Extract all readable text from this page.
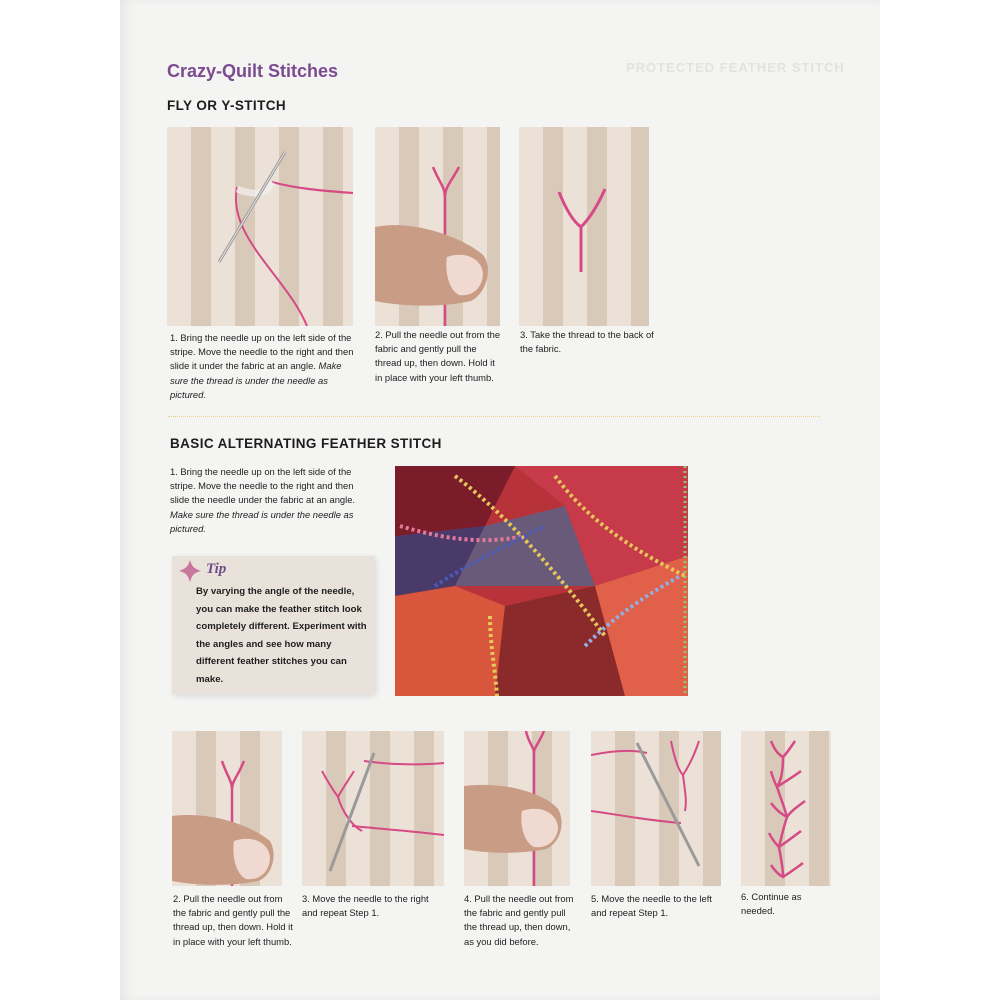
PROTECTED FEATHER STITCH
Crazy-Quilt Stitches
FLY OR Y-STITCH
1. Bring the needle up on the left side of the stripe. Move the needle to the right and then slide it under the fabric at an angle. Make sure the thread is under the needle as pictured.
2. Pull the needle out from the fabric and gently pull the thread up, then down. Hold it in place with your left thumb.
3. Take the thread to the back of the fabric.
BASIC ALTERNATING FEATHER STITCH
1. Bring the needle up on the left side of the stripe. Move the needle to the right and then slide the needle under the fabric at an angle. Make sure the thread is under the needle as pictured.
Tip
By varying the angle of the needle, you can make the feather stitch look completely different. Experiment with the angles and see how many different feather stitches you can make.
2. Pull the needle out from the fabric and gently pull the thread up, then down. Hold it in place with your left thumb.
3. Move the needle to the right and repeat Step 1.
4. Pull the needle out from the fabric and gently pull the thread up, then down, as you did before.
5. Move the needle to the left and repeat Step 1.
6. Continue as needed.
